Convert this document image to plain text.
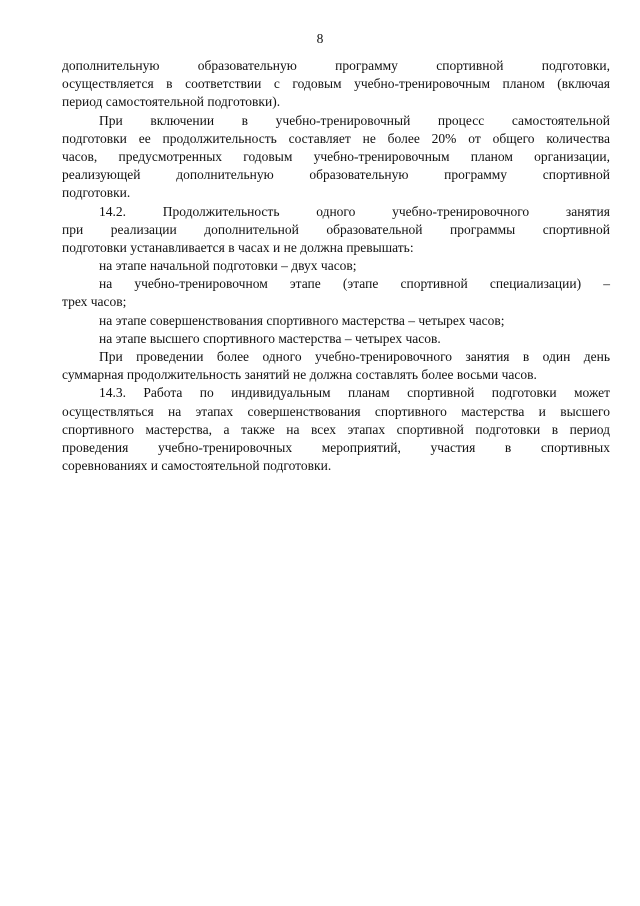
8
дополнительную образовательную программу спортивной подготовки,
осуществляется в соответствии с годовым учебно-тренировочным планом (включая
период самостоятельной подготовки).
При включении в учебно-тренировочный процесс самостоятельной
подготовки ее продолжительность составляет не более 20% от общего количества
часов, предусмотренных годовым учебно-тренировочным планом организации,
реализующей дополнительную образовательную программу спортивной
подготовки.
14.2. Продолжительность одного учебно-тренировочного занятия
при реализации дополнительной образовательной программы спортивной
подготовки устанавливается в часах и не должна превышать:
на этапе начальной подготовки – двух часов;
на учебно-тренировочном этапе (этапе спортивной специализации) –
трех часов;
на этапе совершенствования спортивного мастерства – четырех часов;
на этапе высшего спортивного мастерства – четырех часов.
При проведении более одного учебно-тренировочного занятия в один день
суммарная продолжительность занятий не должна составлять более восьми часов.
14.3. Работа по индивидуальным планам спортивной подготовки может
осуществляться на этапах совершенствования спортивного мастерства и высшего
спортивного мастерства, а также на всех этапах спортивной подготовки в период
проведения учебно-тренировочных мероприятий, участия в спортивных
соревнованиях и самостоятельной подготовки.
